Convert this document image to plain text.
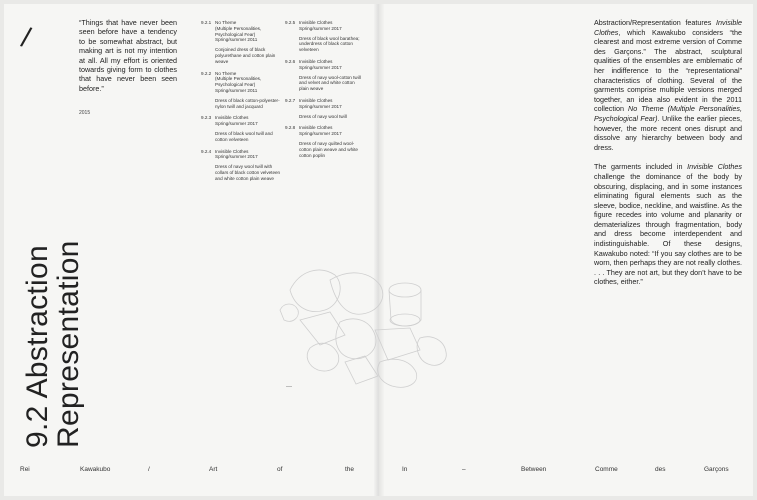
/
9.2 Abstraction
Representation
“Things that have never been seen before have a tendency to be somewhat abstract, but making art is not my intention at all. All my effort is oriented towards giving form to clothes that have never been seen before.”
2015
9.2.1 No Theme
(Multiple Personalities, Psychological Fear)
Spring/summer 2011
Conjoined dress of black polyurethane and cotton plain weave
9.2.2 No Theme
(Multiple Personalities, Psychological Fear)
Spring/summer 2011
Dress of black cotton-polyester-nylon twill and jacquard
9.2.3 Invisible Clothes
Spring/summer 2017
Dress of black wool twill and cotton velveteen
9.2.4 Invisible Clothes
Spring/summer 2017
Dress of navy wool twill with collars of black cotton velveteen and white cotton plain weave
9.2.5 Invisible Clothes
Spring/summer 2017
Dress of black wool barathea; underdress of black cotton velveteen
9.2.6 Invisible Clothes
Spring/summer 2017
Dress of navy wool-cotton twill and velvet and white cotton plain weave
9.2.7 Invisible Clothes
Spring/summer 2017
Dress of navy wool twill
9.2.8 Invisible Clothes
Spring/summer 2017
Dress of navy quilted wool-cotton plain weave and white cotton poplin
—

Abstraction/Representation features Invisible Clothes, which Kawakubo considers “the clearest and most extreme version of Comme des Garçons.” The abstract, sculptural qualities of the ensembles are emblematic of her indifference to the “representational” characteristics of clothing. Several of the garments comprise multiple versions merged together, an idea also evident in the 2011 collection No Theme (Multiple Personalities, Psychological Fear). Unlike the earlier pieces, however, the more recent ones disrupt and dissolve any hierarchy between body and dress.

The garments included in Invisible Clothes challenge the dominance of the body by obscuring, displacing, and in some instances eliminating figural elements such as the sleeve, bodice, neckline, and waistline. As the figure recedes into volume and planarity or dematerializes through fragmentation, body and dress become interdependent and indistinguishable. Of these designs, Kawakubo noted: “If you say clothes are to be worn, then perhaps they are not really clothes. . . . They are not art, but they don’t have to be clothes, either.”

Rei	Kawakubo	/	Art	of	the	In	–	Between	Comme	des	Garçons
